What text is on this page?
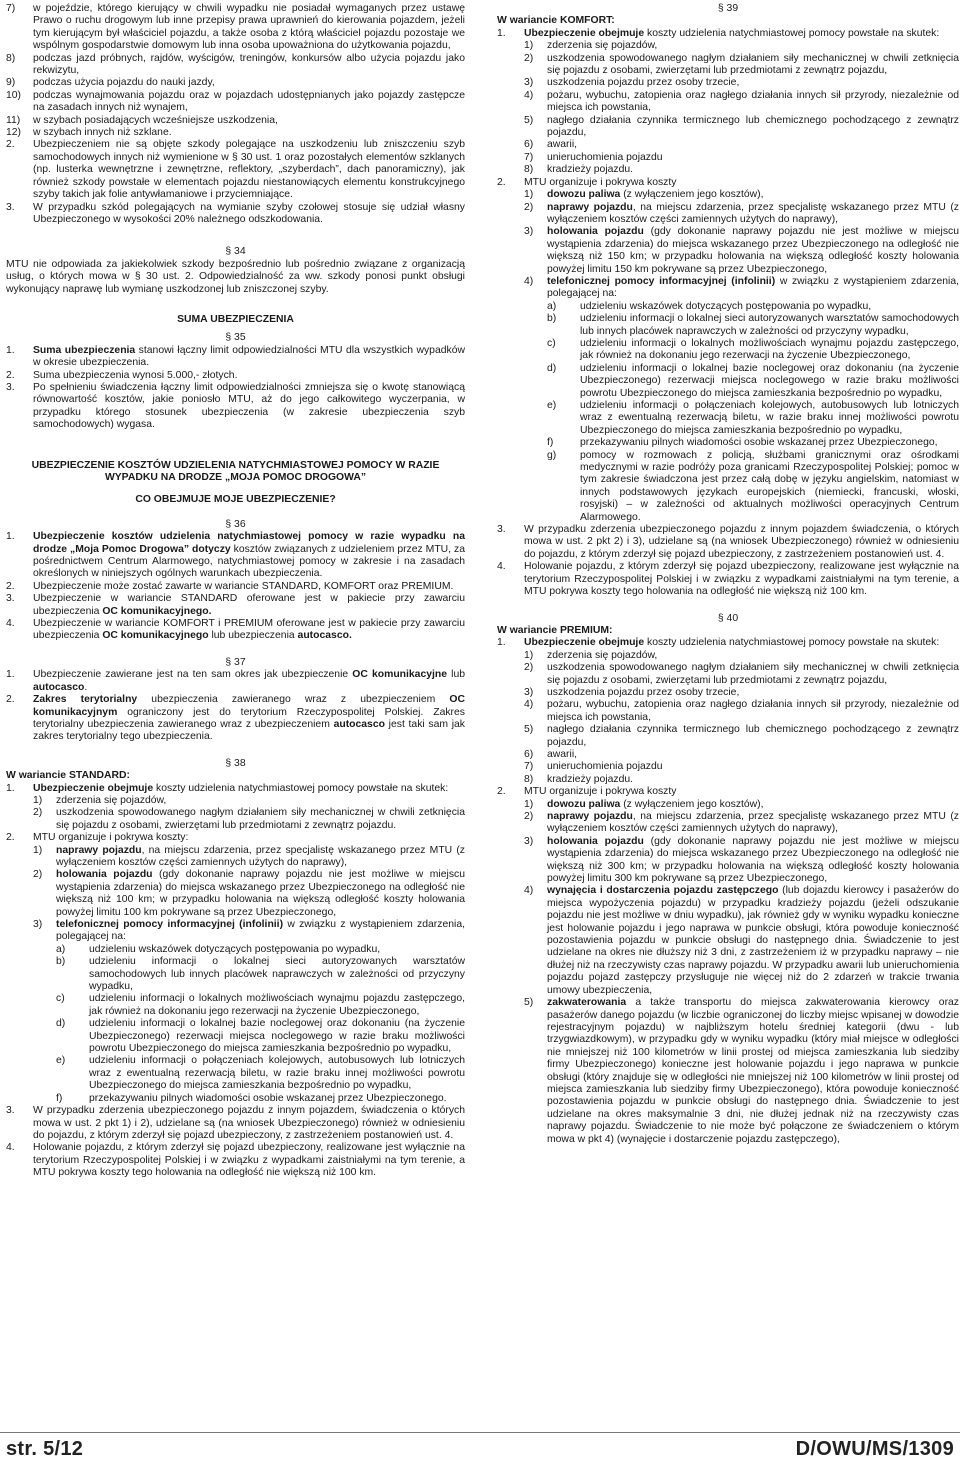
7)	w pojeździe, którego kierujący w chwili wypadku nie posiadał wymaganych przez ustawę Prawo o ruchu drogowym lub inne przepisy prawa uprawnień do kierowania pojazdem, jeżeli tym kierującym był właściciel pojazdu, a także osoba z którą właściciel pojazdu pozostaje we wspólnym gospodarstwie domowym lub inna osoba upoważniona do użytkowania pojazdu,
8)	podczas jazd próbnych, rajdów, wyścigów, treningów, konkursów albo użycia pojazdu jako rekwizytu,
9)	podczas użycia pojazdu do nauki jazdy,
10)	podczas wynajmowania pojazdu oraz w pojazdach udostępnianych jako pojazdy zastępcze na zasadach innych niż wynajem,
11)	w szybach posiadających wcześniejsze uszkodzenia,
12)	w szybach innych niż szklane.
2.	Ubezpieczeniem nie są objęte szkody polegające na uszkodzeniu lub zniszczeniu szyb samochodowych innych niż wymienione w § 30 ust. 1 oraz pozostałych elementów szklanych (np. lusterka wewnętrzne i zewnętrzne, reflektory, „szyberdach”, dach panoramiczny), jak również szkody powstałe w elementach pojazdu niestanowiących elementu konstrukcyjnego szyby takich jak folie antywłamaniowe i przyciemniające.
3.	W przypadku szkód polegających na wymianie szyby czołowej stosuje się udział własny Ubezpieczonego w wysokości 20% należnego odszkodowania.
§ 34
MTU nie odpowiada za jakiekolwiek szkody bezpośrednio lub pośrednio związane z organizacją usług, o których mowa w § 30 ust. 2. Odpowiedzialność za ww. szkody ponosi punkt obsługi wykonujący naprawę lub wymianę uszkodzonej lub zniszczonej szyby.
SUMA UBEZPIECZENIA
§ 35
1.	Suma ubezpieczenia stanowi łączny limit odpowiedzialności MTU dla wszystkich wypadków w okresie ubezpieczenia.
2.	Suma ubezpieczenia wynosi 5.000,- złotych.
3.	Po spełnieniu świadczenia łączny limit odpowiedzialności zmniejsza się o kwotę stanowiącą równowartość kosztów, jakie poniosło MTU, aż do jego całkowitego wyczerpania, w przypadku którego stosunek ubezpieczenia (w zakresie ubezpieczenia szyb samochodowych) wygasa.
UBEZPIECZENIE KOSZTÓW UDZIELENIA NATYCHMIASTOWEJ POMOCY W RAZIE WYPADKU NA DRODZE „MOJA POMOC DROGOWA”
CO OBEJMUJE MOJE UBEZPIECZENIE?
§ 36
1.	Ubezpieczenie kosztów udzielenia natychmiastowej pomocy w razie wypadku na drodze „Moja Pomoc Drogowa” dotyczy kosztów związanych z udzieleniem przez MTU, za pośrednictwem Centrum Alarmowego, natychmiastowej pomocy w zakresie i na zasadach określonych w niniejszych ogólnych warunkach ubezpieczenia.
2.	Ubezpieczenie może zostać zawarte w wariancie STANDARD, KOMFORT oraz PREMIUM.
3.	Ubezpieczenie w wariancie STANDARD oferowane jest w pakiecie przy zawarciu ubezpieczenia OC komunikacyjnego.
4.	Ubezpieczenie w wariancie KOMFORT i PREMIUM oferowane jest w pakiecie przy zawarciu ubezpieczenia OC komunikacyjnego lub ubezpieczenia autocasco.
§ 37
1.	Ubezpieczenie zawierane jest na ten sam okres jak ubezpieczenie OC komunikacyjne lub autocasco.
2.	Zakres terytorialny ubezpieczenia zawieranego wraz z ubezpieczeniem OC komunikacyjnym ograniczony jest do terytorium Rzeczypospolitej Polskiej. Zakres terytorialny ubezpieczenia zawieranego wraz z ubezpieczeniem autocasco jest taki sam jak zakres terytorialny tego ubezpieczenia.
§ 38
W wariancie STANDARD:
1.	Ubezpieczenie obejmuje koszty udzielenia natychmiastowej pomocy powstałe na skutek:
1)	zderzenia się pojazdów,
2)	uszkodzenia spowodowanego nagłym działaniem siły mechanicznej w chwili zetknięcia się pojazdu z osobami, zwierzętami lub przedmiotami z zewnątrz pojazdu.
2.	MTU organizuje i pokrywa koszty:
1)	naprawy pojazdu, na miejscu zdarzenia, przez specjalistę wskazanego przez MTU (z wyłączeniem kosztów części zamiennych użytych do naprawy),
2)	holowania pojazdu (gdy dokonanie naprawy pojazdu nie jest możliwe w miejscu wystąpienia zdarzenia) do miejsca wskazanego przez Ubezpieczonego na odległość nie większą niż 100 km; w przypadku holowania na większą odległość koszty holowania powyżej limitu 100 km pokrywane są przez Ubezpieczonego,
3)	telefonicznej pomocy informacyjnej (infolinii) w związku z wystąpieniem zdarzenia, polegającej na:
a)	udzieleniu wskazówek dotyczących postępowania po wypadku,
b)	udzieleniu informacji o lokalnej sieci autoryzowanych warsztatów samochodowych lub innych placówek naprawczych w zależności od przyczyny wypadku,
c)	udzieleniu informacji o lokalnych możliwościach wynajmu pojazdu zastępczego, jak również na dokonaniu jego rezerwacji na życzenie Ubezpieczonego,
d)	udzieleniu informacji o lokalnej bazie noclegowej oraz dokonaniu (na życzenie Ubezpieczonego) rezerwacji miejsca noclegowego w razie braku możliwości powrotu Ubezpieczonego do miejsca zamieszkania bezpośrednio po wypadku,
e)	udzieleniu informacji o połączeniach kolejowych, autobusowych lub lotniczych wraz z ewentualną rezerwacją biletu, w razie braku innej możliwości powrotu Ubezpieczonego do miejsca zamieszkania bezpośrednio po wypadku,
f)	przekazywaniu pilnych wiadomości osobie wskazanej przez Ubezpieczonego.
3.	W przypadku zderzenia ubezpieczonego pojazdu z innym pojazdem, świadczenia o których mowa w ust. 2 pkt 1) i 2), udzielane są (na wniosek Ubezpieczonego) również w odniesieniu do pojazdu, z którym zderzył się pojazd ubezpieczony, z zastrzeżeniem postanowień ust. 4.
4.	Holowanie pojazdu, z którym zderzył się pojazd ubezpieczony, realizowane jest wyłącznie na terytorium Rzeczypospolitej Polskiej i w związku z wypadkami zaistniałymi na tym terenie, a MTU pokrywa koszty tego holowania na odległość nie większą niż 100 km.
§ 39
W wariancie KOMFORT:
1.	Ubezpieczenie obejmuje koszty udzielenia natychmiastowej pomocy powstałe na skutek:
1)	zderzenia się pojazdów,
2)	uszkodzenia spowodowanego nagłym działaniem siły mechanicznej w chwili zetknięcia się pojazdu z osobami, zwierzętami lub przedmiotami z zewnątrz pojazdu,
3)	uszkodzenia pojazdu przez osoby trzecie,
4)	pożaru, wybuchu, zatopienia oraz nagłego działania innych sił przyrody, niezależnie od miejsca ich powstania,
5)	nagłego działania czynnika termicznego lub chemicznego pochodzącego z zewnątrz pojazdu,
6)	awarii,
7)	unieruchomienia pojazdu
8)	kradzieży pojazdu.
2.	MTU organizuje i pokrywa koszty
1)	dowozu paliwa (z wyłączeniem jego kosztów),
2)	naprawy pojazdu, na miejscu zdarzenia, przez specjalistę wskazanego przez MTU (z wyłączeniem kosztów części zamiennych użytych do naprawy),
3)	holowania pojazdu (gdy dokonanie naprawy pojazdu nie jest możliwe w miejscu wystąpienia zdarzenia) do miejsca wskazanego przez Ubezpieczonego na odległość nie większą niż 150 km; w przypadku holowania na większą odległość koszty holowania powyżej limitu 150 km pokrywane są przez Ubezpieczonego,
4)	telefonicznej pomocy informacyjnej (infolinii) w związku z wystąpieniem zdarzenia, polegającej na:
a)	udzieleniu wskazówek dotyczących postępowania po wypadku,
b)	udzieleniu informacji o lokalnej sieci autoryzowanych warsztatów samochodowych lub innych placówek naprawczych w zależności od przyczyny wypadku,
c)	udzieleniu informacji o lokalnych możliwościach wynajmu pojazdu zastępczego, jak również na dokonaniu jego rezerwacji na życzenie Ubezpieczonego,
d)	udzieleniu informacji o lokalnej bazie noclegowej oraz dokonaniu (na życzenie Ubezpieczonego) rezerwacji miejsca noclegowego w razie braku możliwości powrotu Ubezpieczonego do miejsca zamieszkania bezpośrednio po wypadku,
e)	udzieleniu informacji o połączeniach kolejowych, autobusowych lub lotniczych wraz z ewentualną rezerwacją biletu, w razie braku innej możliwości powrotu Ubezpieczonego do miejsca zamieszkania bezpośrednio po wypadku,
f)	przekazywaniu pilnych wiadomości osobie wskazanej przez Ubezpieczonego,
g)	pomocy w rozmowach z policją, służbami granicznymi oraz ośrodkami medycznymi w razie podróży poza granicami Rzeczypospolitej Polskiej; pomoc w tym zakresie świadczona jest przez całą dobę w języku angielskim, natomiast w innych podstawowych językach europejskich (niemiecki, francuski, włoski, rosyjski) – w zależności od aktualnych możliwości operacyjnych Centrum Alarmowego.
3.	W przypadku zderzenia ubezpieczonego pojazdu z innym pojazdem świadczenia, o których mowa w ust. 2 pkt 2) i 3), udzielane są (na wniosek Ubezpieczonego) również w odniesieniu do pojazdu, z którym zderzył się pojazd ubezpieczony, z zastrzeżeniem postanowień ust. 4.
4.	Holowanie pojazdu, z którym zderzył się pojazd ubezpieczony, realizowane jest wyłącznie na terytorium Rzeczypospolitej Polskiej i w związku z wypadkami zaistniałymi na tym terenie, a MTU pokrywa koszty tego holowania na odległość nie większą niż 100 km.
§ 40
W wariancie PREMIUM:
1.	Ubezpieczenie obejmuje koszty udzielenia natychmiastowej pomocy powstałe na skutek:
1)	zderzenia się pojazdów,
2)	uszkodzenia spowodowanego nagłym działaniem siły mechanicznej w chwili zetknięcia się pojazdu z osobami, zwierzętami lub przedmiotami z zewnątrz pojazdu,
3)	uszkodzenia pojazdu przez osoby trzecie,
4)	pożaru, wybuchu, zatopienia oraz nagłego działania innych sił przyrody, niezależnie od miejsca ich powstania,
5)	nagłego działania czynnika termicznego lub chemicznego pochodzącego z zewnątrz pojazdu,
6)	awarii,
7)	unieruchomienia pojazdu
8)	kradzieży pojazdu.
2.	MTU organizuje i pokrywa koszty
1)	dowozu paliwa (z wyłączeniem jego kosztów),
2)	naprawy pojazdu, na miejscu zdarzenia, przez specjalistę wskazanego przez MTU (z wyłączeniem kosztów części zamiennych użytych do naprawy),
3)	holowania pojazdu (gdy dokonanie naprawy pojazdu nie jest możliwe w miejscu wystąpienia zdarzenia) do miejsca wskazanego przez Ubezpieczonego na odległość nie większą niż 300 km; w przypadku holowania na większą odległość koszty holowania powyżej limitu 300 km pokrywane są przez Ubezpieczonego,
4)	wynajęcia i dostarczenia pojazdu zastępczego (lub dojazdu kierowcy i pasażerów do miejsca wypożyczenia pojazdu) w przypadku kradzieży pojazdu (jeżeli odszukanie pojazdu nie jest możliwe w dniu wypadku), jak również gdy w wyniku wypadku konieczne jest holowanie pojazdu i jego naprawa w punkcie obsługi, która powoduje konieczność pozostawienia pojazdu w punkcie obsługi do następnego dnia. Świadczenie to jest udzielane na okres nie dłuższy niż 3 dni, z zastrzeżeniem iż w przypadku naprawy – nie dłużej niż na rzeczywisty czas naprawy pojazdu. W przypadku awarii lub unieruchomienia pojazdu pojazd zastępczy przysługuje nie więcej niż do 2 zdarzeń w trakcie trwania umowy ubezpieczenia,
5)	zakwaterowania a także transportu do miejsca zakwaterowania kierowcy oraz pasażerów danego pojazdu (w liczbie ograniczonej do liczby miejsc wpisanej w dowodzie rejestracyjnym pojazdu) w najbliższym hotelu średniej kategorii (dwu - lub trzygwiazdkowym), w przypadku gdy w wyniku wypadku (który miał miejsce w odległości nie mniejszej niż 100 kilometrów w linii prostej od miejsca zamieszkania lub siedziby firmy Ubezpieczonego) konieczne jest holowanie pojazdu i jego naprawa w punkcie obsługi (który znajduje się w odległości nie mniejszej niż 100 kilometrów w linii prostej od miejsca zamieszkania lub siedziby firmy Ubezpieczonego), która powoduje konieczność pozostawienia pojazdu w punkcie obsługi do następnego dnia. Świadczenie to jest udzielane na okres maksymalnie 3 dni, nie dłużej jednak niż na rzeczywisty czas naprawy pojazdu. Świadczenie to nie może być połączone ze świadczeniem o którym mowa w pkt 4) (wynajęcie i dostarczenie pojazdu zastępczego),
str. 5/12	D/OWU/MS/1309
